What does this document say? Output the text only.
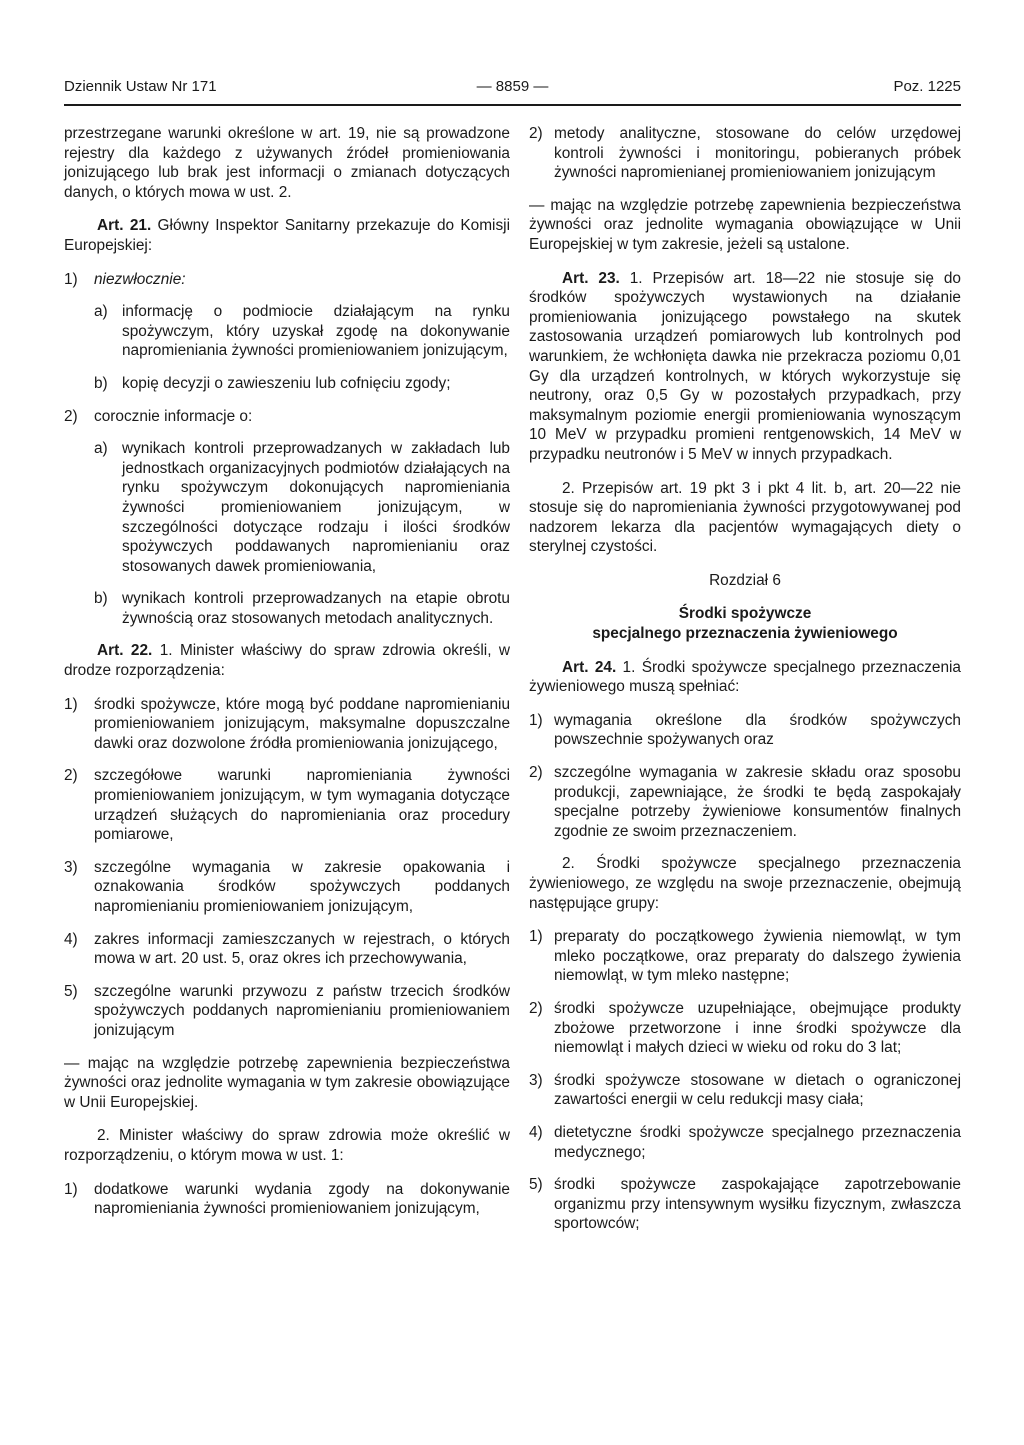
Dziennik Ustaw Nr 171	— 8859 —	Poz. 1225

przestrzegane warunki określone w art. 19, nie są prowadzone rejestry dla każdego z używanych źródeł promieniowania jonizującego lub brak jest informacji o zmianach dotyczących danych, o których mowa w ust. 2.

Art. 21. Główny Inspektor Sanitarny przekazuje do Komisji Europejskiej:

1) niezwłocznie:
a) informację o podmiocie działającym na rynku spożywczym, który uzyskał zgodę na dokonywanie napromieniania żywności promieniowaniem jonizującym,
b) kopię decyzji o zawieszeniu lub cofnięciu zgody;
2) corocznie informacje o:
a) wynikach kontroli przeprowadzanych w zakładach lub jednostkach organizacyjnych podmiotów działających na rynku spożywczym dokonujących napromieniania żywności promieniowaniem jonizującym, w szczególności dotyczące rodzaju i ilości środków spożywczych poddawanych napromienianiu oraz stosowanych dawek promieniowania,
b) wynikach kontroli przeprowadzanych na etapie obrotu żywnością oraz stosowanych metodach analitycznych.

Art. 22. 1. Minister właściwy do spraw zdrowia określi, w drodze rozporządzenia:

1) środki spożywcze, które mogą być poddane napromienianiu promieniowaniem jonizującym, maksymalne dopuszczalne dawki oraz dozwolone źródła promieniowania jonizującego,
2) szczegółowe warunki napromieniania żywności promieniowaniem jonizującym, w tym wymagania dotyczące urządzeń służących do napromieniania oraz procedury pomiarowe,
3) szczególne wymagania w zakresie opakowania i oznakowania środków spożywczych poddanych napromienianiu promieniowaniem jonizującym,
4) zakres informacji zamieszczanych w rejestrach, o których mowa w art. 20 ust. 5, oraz okres ich przechowywania,
5) szczególne warunki przywozu z państw trzecich środków spożywczych poddanych napromienianiu promieniowaniem jonizującym

— mając na względzie potrzebę zapewnienia bezpieczeństwa żywności oraz jednolite wymagania w tym zakresie obowiązujące w Unii Europejskiej.

2. Minister właściwy do spraw zdrowia może określić w rozporządzeniu, o którym mowa w ust. 1:

1) dodatkowe warunki wydania zgody na dokonywanie napromieniania żywności promieniowaniem jonizującym,
2) metody analityczne, stosowane do celów urzędowej kontroli żywności i monitoringu, pobieranych próbek żywności napromienianej promieniowaniem jonizującym

— mając na względzie potrzebę zapewnienia bezpieczeństwa żywności oraz jednolite wymagania obowiązujące w Unii Europejskiej w tym zakresie, jeżeli są ustalone.

Art. 23. 1. Przepisów art. 18—22 nie stosuje się do środków spożywczych wystawionych na działanie promieniowania jonizującego powstałego na skutek zastosowania urządzeń pomiarowych lub kontrolnych pod warunkiem, że wchłonięta dawka nie przekracza poziomu 0,01 Gy dla urządzeń kontrolnych, w których wykorzystuje się neutrony, oraz 0,5 Gy w pozostałych przypadkach, przy maksymalnym poziomie energii promieniowania wynoszącym 10 MeV w przypadku promieni rentgenowskich, 14 MeV w przypadku neutronów i 5 MeV w innych przypadkach.

2. Przepisów art. 19 pkt 3 i pkt 4 lit. b, art. 20—22 nie stosuje się do napromieniania żywności przygotowywanej pod nadzorem lekarza dla pacjentów wymagających diety o sterylnej czystości.

Rozdział 6

Środki spożywcze
specjalnego przeznaczenia żywieniowego

Art. 24. 1. Środki spożywcze specjalnego przeznaczenia żywieniowego muszą spełniać:

1) wymagania określone dla środków spożywczych powszechnie spożywanych oraz
2) szczególne wymagania w zakresie składu oraz sposobu produkcji, zapewniające, że środki te będą zaspokajały specjalne potrzeby żywieniowe konsumentów finalnych zgodnie ze swoim przeznaczeniem.

2. Środki spożywcze specjalnego przeznaczenia żywieniowego, ze względu na swoje przeznaczenie, obejmują następujące grupy:

1) preparaty do początkowego żywienia niemowląt, w tym mleko początkowe, oraz preparaty do dalszego żywienia niemowląt, w tym mleko następne;
2) środki spożywcze uzupełniające, obejmujące produkty zbożowe przetworzone i inne środki spożywcze dla niemowląt i małych dzieci w wieku od roku do 3 lat;
3) środki spożywcze stosowane w dietach o ograniczonej zawartości energii w celu redukcji masy ciała;
4) dietetyczne środki spożywcze specjalnego przeznaczenia medycznego;
5) środki spożywcze zaspokajające zapotrzebowanie organizmu przy intensywnym wysiłku fizycznym, zwłaszcza sportowców;
